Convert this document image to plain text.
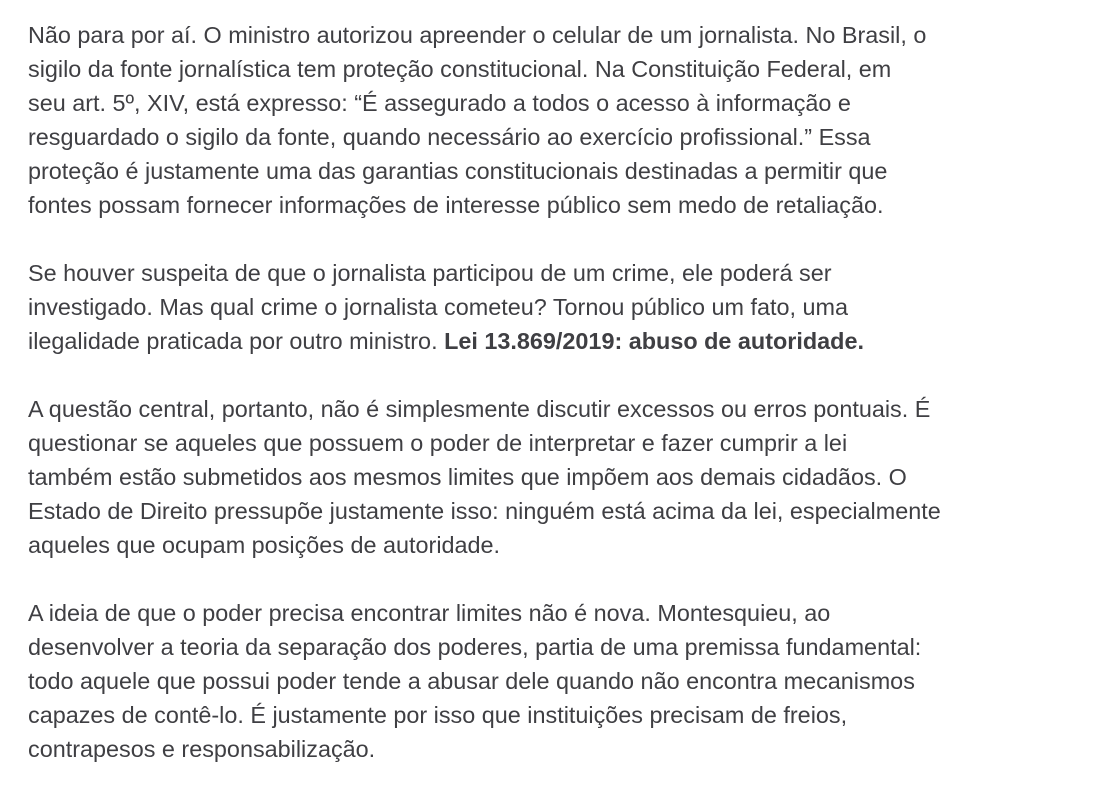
Não para por aí. O ministro autorizou apreender o celular de um jornalista. No Brasil, o
sigilo da fonte jornalística tem proteção constitucional. Na Constituição Federal, em
seu art. 5º, XIV, está expresso: “É assegurado a todos o acesso à informação e
resguardado o sigilo da fonte, quando necessário ao exercício profissional.” Essa
proteção é justamente uma das garantias constitucionais destinadas a permitir que
fontes possam fornecer informações de interesse público sem medo de retaliação.

Se houver suspeita de que o jornalista participou de um crime, ele poderá ser
investigado. Mas qual crime o jornalista cometeu? Tornou público um fato, uma
ilegalidade praticada por outro ministro. Lei 13.869/2019: abuso de autoridade.

A questão central, portanto, não é simplesmente discutir excessos ou erros pontuais. É
questionar se aqueles que possuem o poder de interpretar e fazer cumprir a lei
também estão submetidos aos mesmos limites que impõem aos demais cidadãos. O
Estado de Direito pressupõe justamente isso: ninguém está acima da lei, especialmente
aqueles que ocupam posições de autoridade.

A ideia de que o poder precisa encontrar limites não é nova. Montesquieu, ao
desenvolver a teoria da separação dos poderes, partia de uma premissa fundamental:
todo aquele que possui poder tende a abusar dele quando não encontra mecanismos
capazes de contê-lo. É justamente por isso que instituições precisam de freios,
contrapesos e responsabilização.
